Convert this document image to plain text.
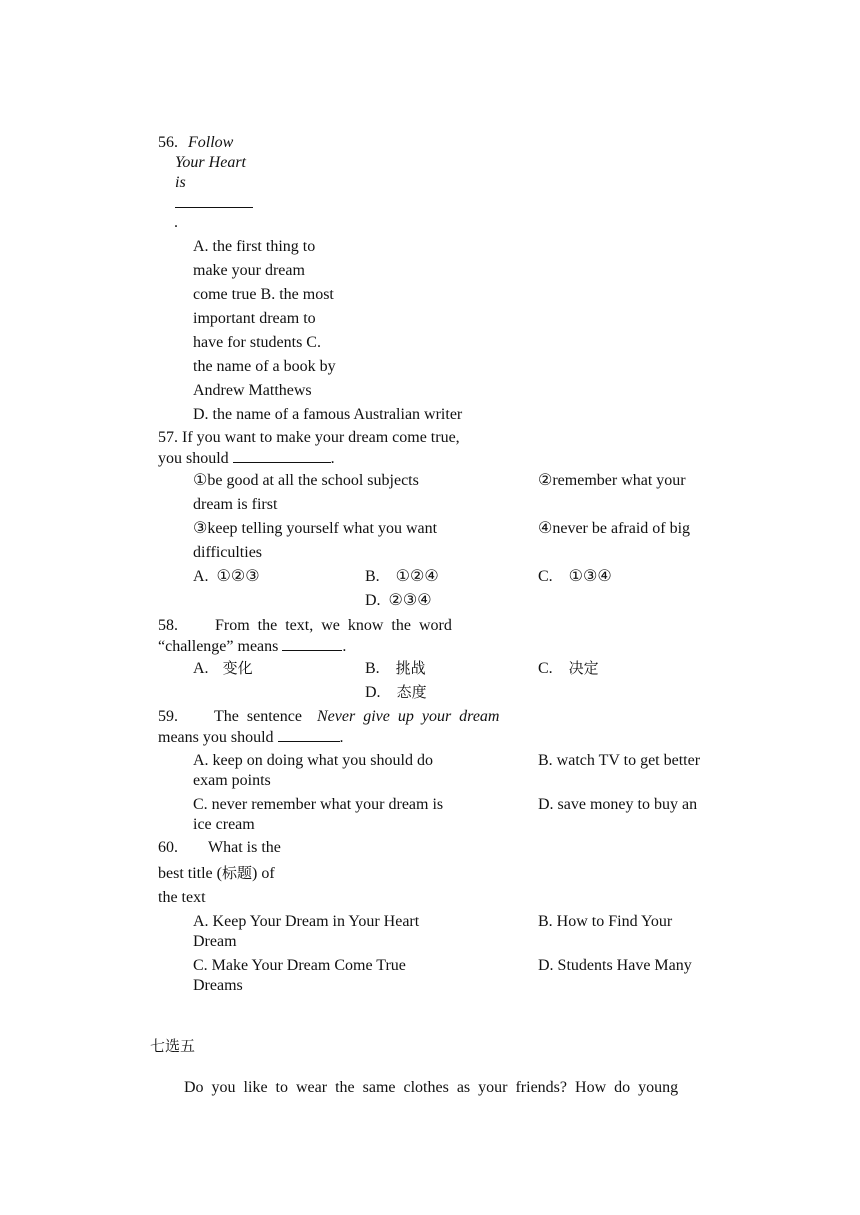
56. Follow
Your Heart
is
.
A. the first thing to
make your dream
come true B. the most
important dream to
have for students C.
the name of a book by
Andrew Matthews
D. the name of a famous Australian writer
57. If you want to make your dream come true,
you should	.
①be good at all the school subjects	②remember what your
dream is first
③keep telling yourself what you want	④never be afraid of big
difficulties
A.  ①②③	B.    ①②④	C.    ①③④
D.  ②③④
58. From  the  text,  we  know  the  word
“challenge” means	.
A. 变化	B. 挑战	C. 决定
D. 态度
59. The  sentence Never  give  up  your  dream
means you should	.
A. keep on doing what you should do	B. watch TV to get better
exam points
C. never remember what your dream is	D. save money to buy an
ice cream
60. What is the
best title (标题) of
the text
A. Keep Your Dream in Your Heart	B. How to Find Your
Dream
C. Make Your Dream Come True	D. Students Have Many
Dreams
七选五
Do  you  like  to  wear  the  same  clothes  as  your  friends?  How  do  young
